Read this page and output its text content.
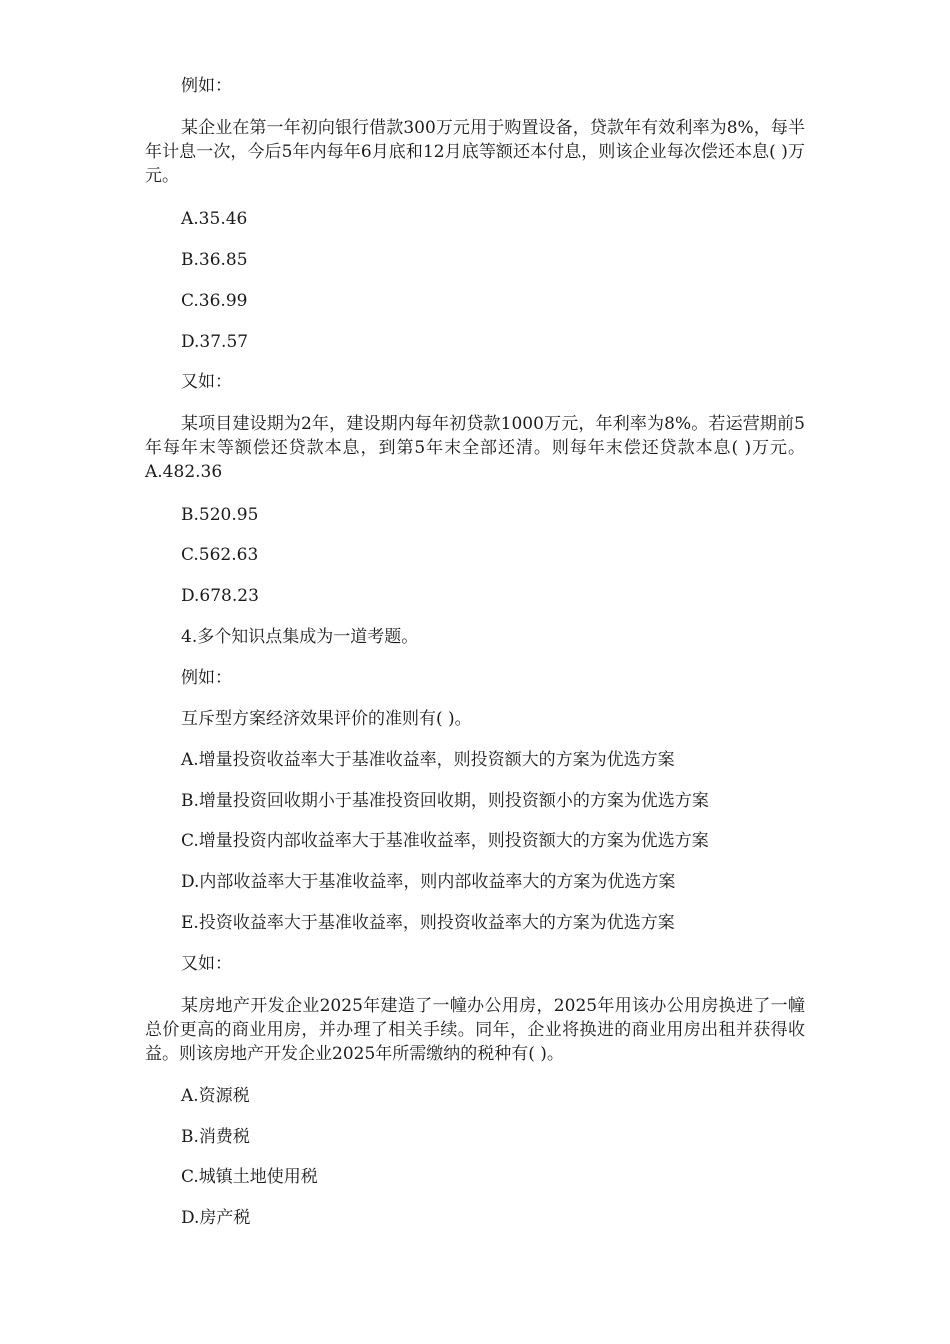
例如：
某企业在第一年初向银行借款300万元用于购置设备，贷款年有效利率为8%，每半年计息一次，今后5年内每年6月底和12月底等额还本付息，则该企业每次偿还本息( )万元。
A.35.46
B.36.85
C.36.99
D.37.57
又如：
某项目建设期为2年，建设期内每年初贷款1000万元，年利率为8%。若运营期前5年每年末等额偿还贷款本息，到第5年末全部还清。则每年末偿还贷款本息( )万元。 A.482.36
B.520.95
C.562.63
D.678.23
4.多个知识点集成为一道考题。
例如：
互斥型方案经济效果评价的准则有( )。
A.增量投资收益率大于基准收益率，则投资额大的方案为优选方案
B.增量投资回收期小于基准投资回收期，则投资额小的方案为优选方案
C.增量投资内部收益率大于基准收益率，则投资额大的方案为优选方案
D.内部收益率大于基准收益率，则内部收益率大的方案为优选方案
E.投资收益率大于基准收益率，则投资收益率大的方案为优选方案
又如：
某房地产开发企业2025年建造了一幢办公用房，2025年用该办公用房换进了一幢总价更高的商业用房，并办理了相关手续。同年，企业将换进的商业用房出租并获得收益。则该房地产开发企业2025年所需缴纳的税种有( )。
A.资源税
B.消费税
C.城镇土地使用税
D.房产税
